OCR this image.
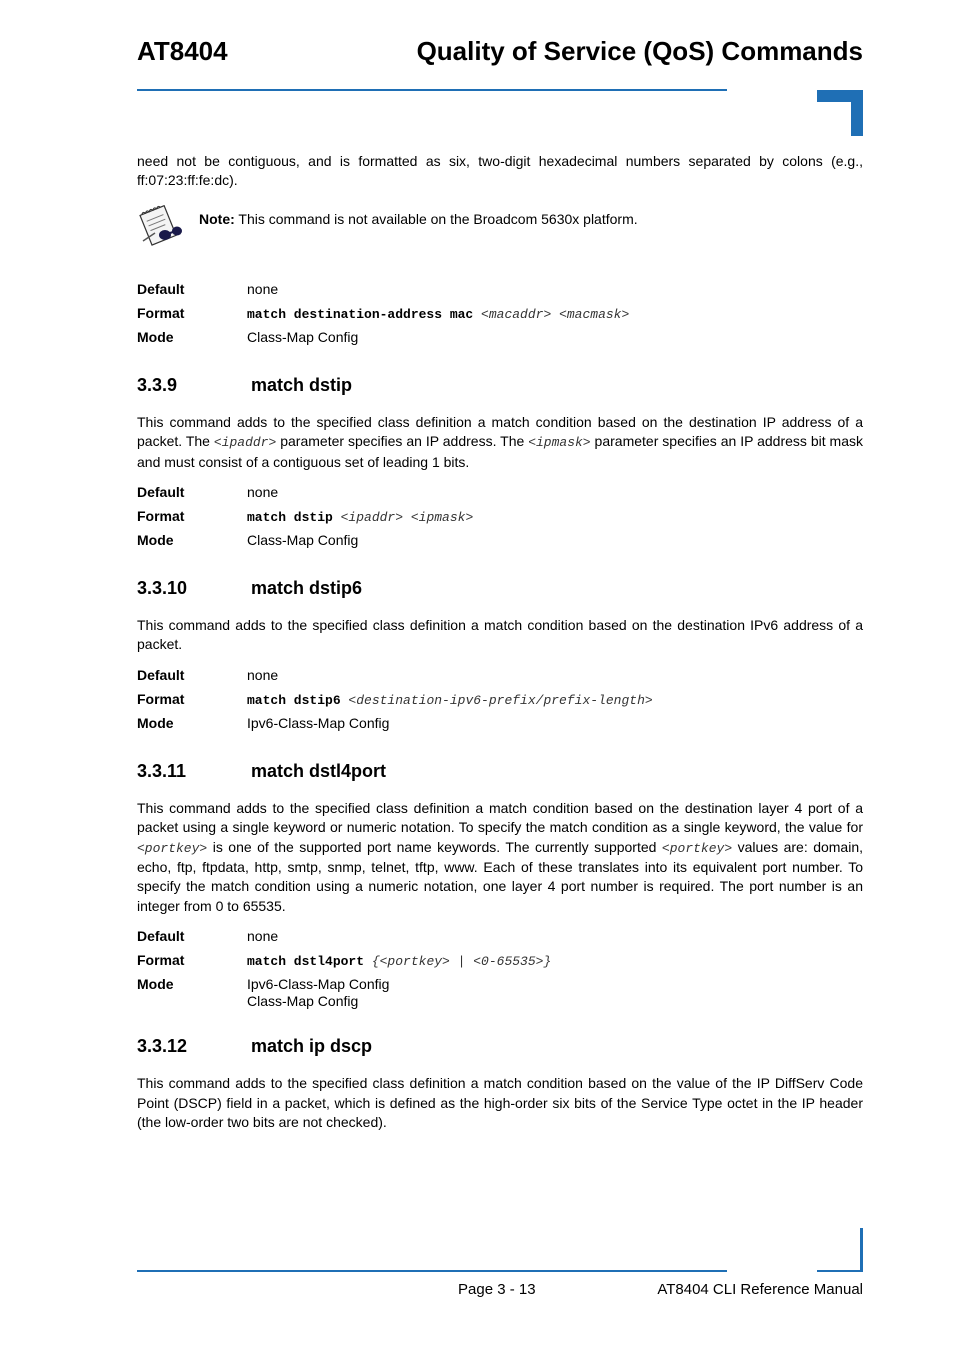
AT8404	Quality of Service (QoS) Commands

need not be contiguous, and is formatted as six, two-digit hexadecimal numbers separated by colons (e.g., ff:07:23:ff:fe:dc).

Note: This command is not available on the Broadcom 5630x platform.
Default	none
Format	match destination-address mac <macaddr> <macmask>
Mode	Class-Map Config
3.3.9	match dstip

This command adds to the specified class definition a match condition based on the destination IP address of a packet. The <ipaddr> parameter specifies an IP address. The <ipmask> parameter specifies an IP address bit mask and must consist of a contiguous set of leading 1 bits.

Default	none
Format	match dstip <ipaddr> <ipmask>
Mode	Class-Map Config
3.3.10	match dstip6

This command adds to the specified class definition a match condition based on the destination IPv6 address of a packet.

Default	none
Format	match dstip6 <destination-ipv6-prefix/prefix-length>
Mode	Ipv6-Class-Map Config
3.3.11	match dstl4port

This command adds to the specified class definition a match condition based on the destination layer 4 port of a packet using a single keyword or numeric notation. To specify the match condition as a single keyword, the value for <portkey> is one of the supported port name keywords. The currently supported <portkey> values are: domain, echo, ftp, ftpdata, http, smtp, snmp, telnet, tftp, www. Each of these translates into its equivalent port number. To specify the match condition using a numeric notation, one layer 4 port number is required. The port number is an integer from 0 to 65535.

Default	none
Format	match dstl4port {<portkey> | <0-65535>}
Mode	Ipv6-Class-Map Config
Class-Map Config
3.3.12	match ip dscp

This command adds to the specified class definition a match condition based on the value of the IP DiffServ Code Point (DSCP) field in a packet, which is defined as the high-order six bits of the Service Type octet in the IP header (the low-order two bits are not checked).

Page 3 - 13	AT8404 CLI Reference Manual
